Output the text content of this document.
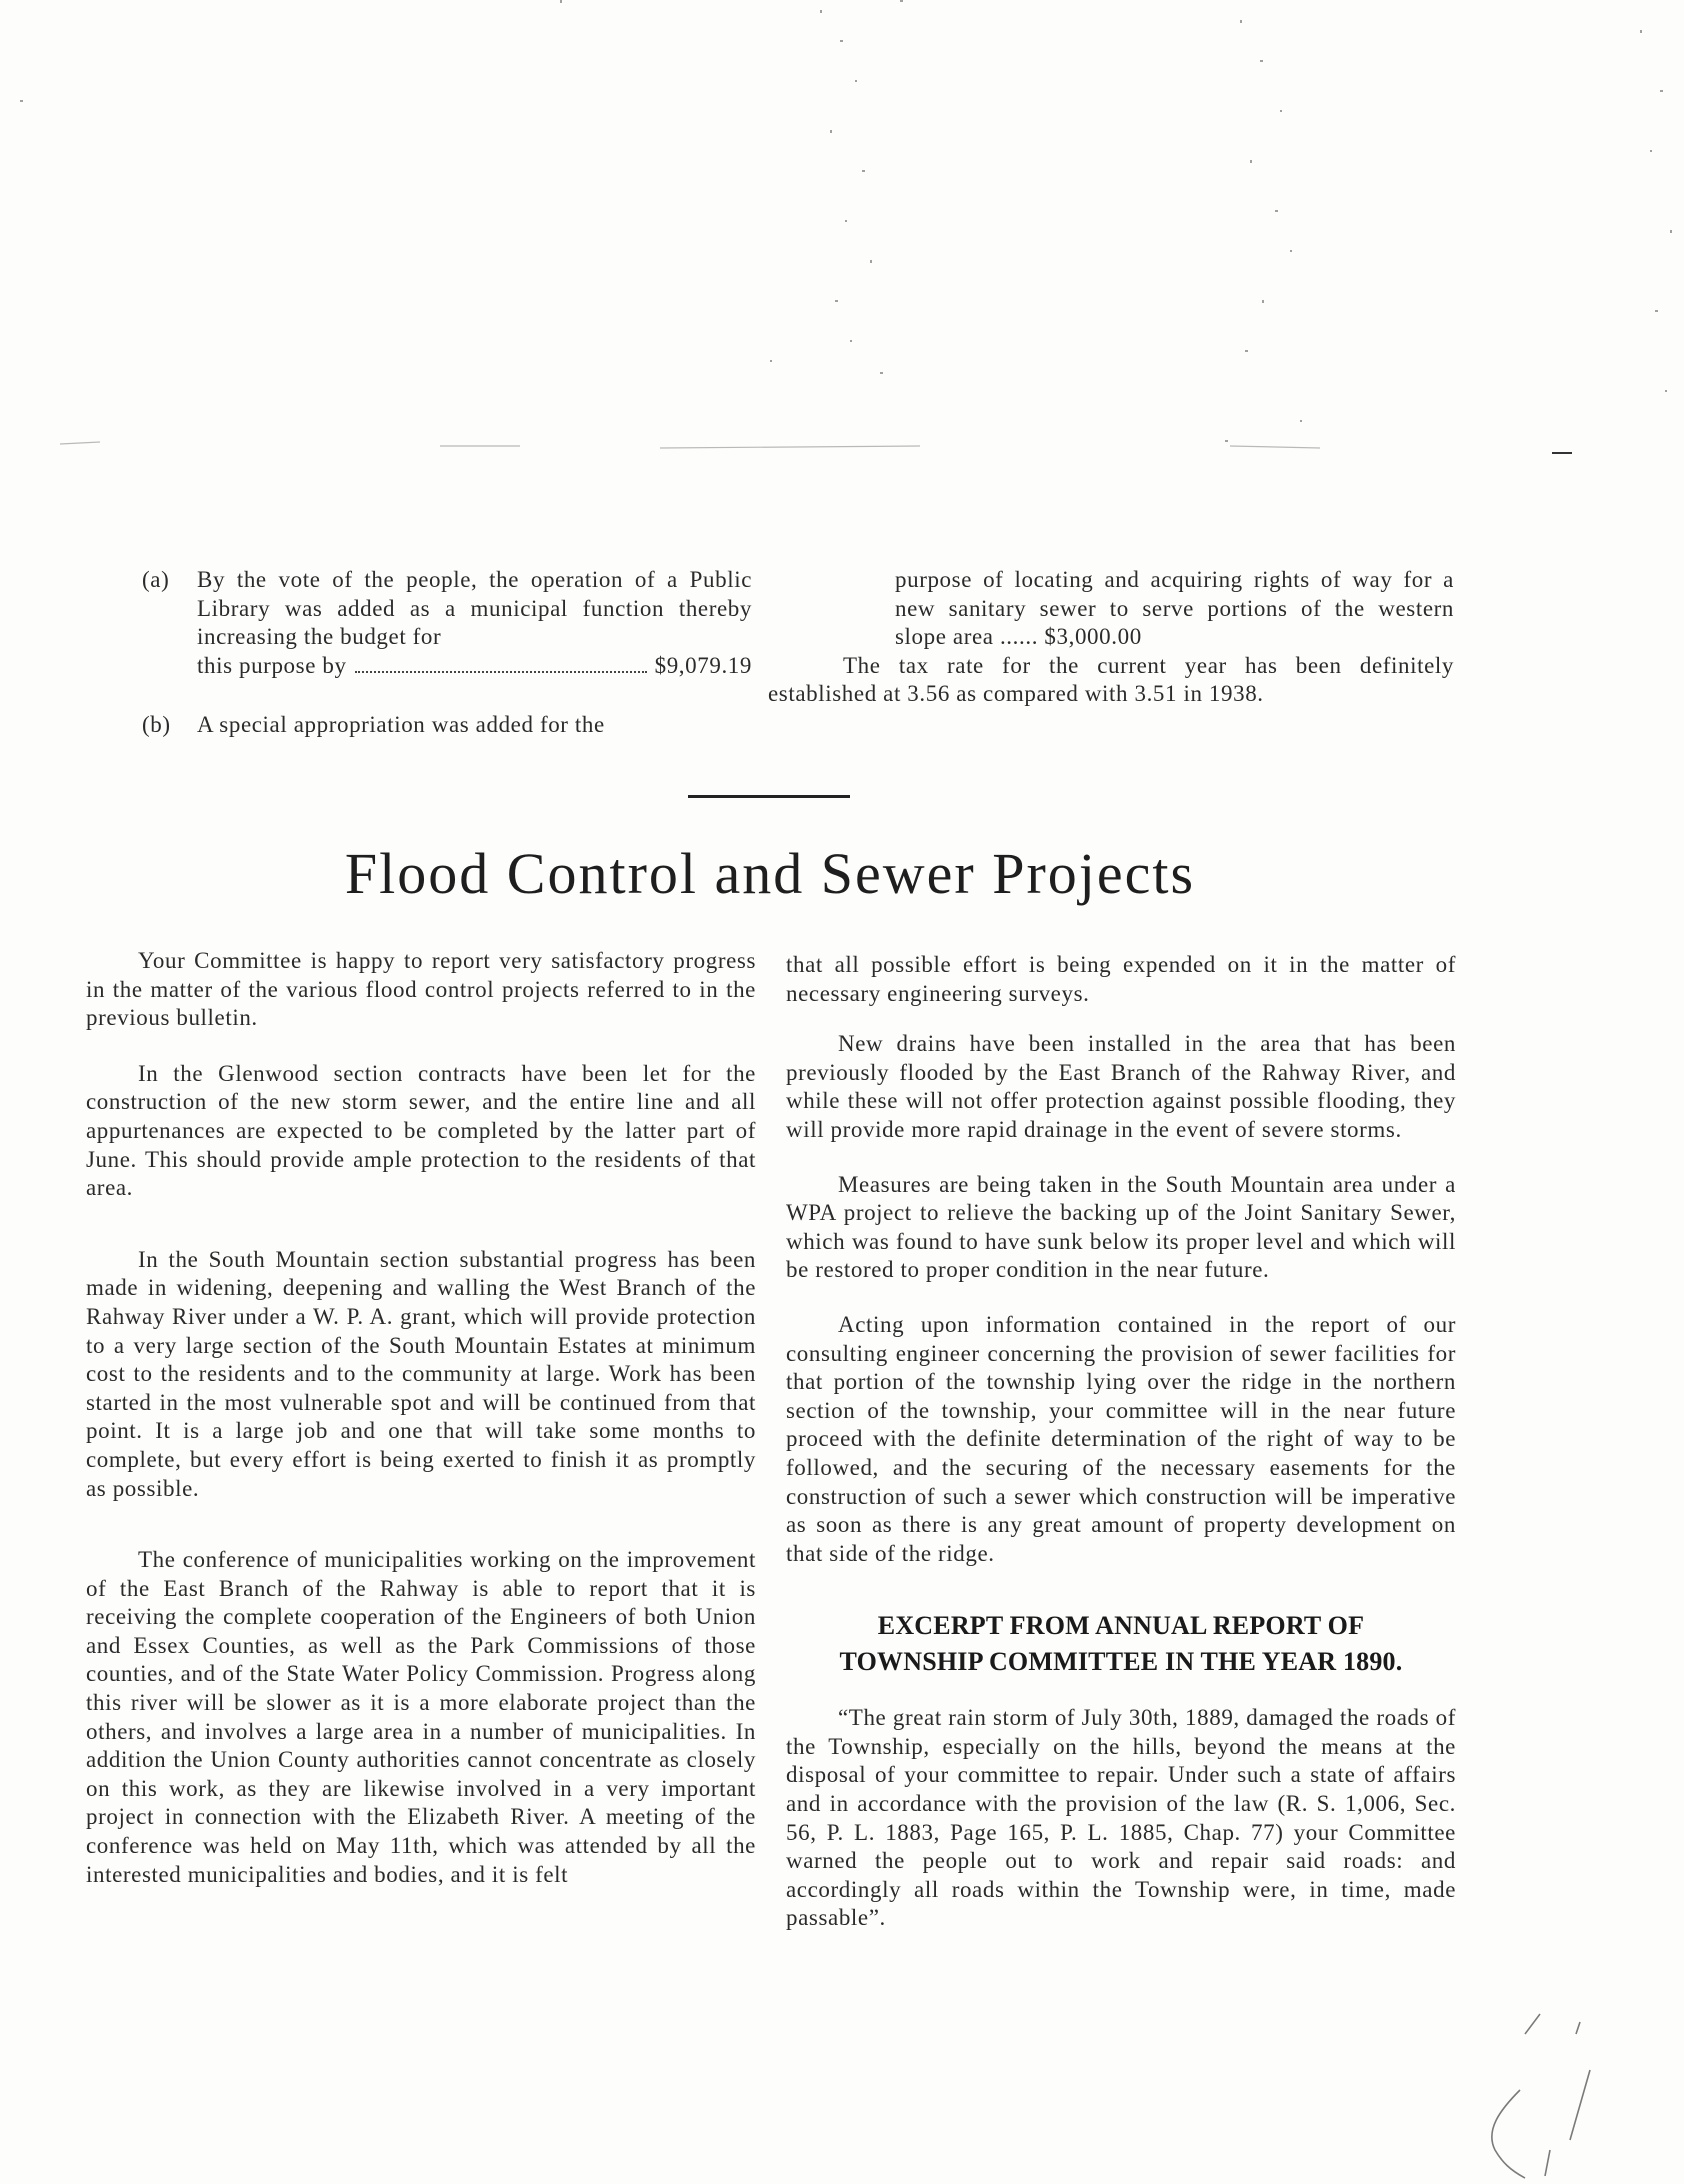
(a) By the vote of the people, the operation of a Public Library was added as a municipal function thereby increasing the budget for
this purpose by	$9,079.19
(b) A special appropriation was added for the
purpose of locating and acquiring rights of way for a new sanitary sewer to serve portions of the western slope area ...... $3,000.00

The tax rate for the current year has been definitely established at 3.56 as compared with 3.51 in 1938.

Flood Control and Sewer Projects

Your Committee is happy to report very satisfactory progress in the matter of the various flood control projects referred to in the previous bulletin.

In the Glenwood section contracts have been let for the construction of the new storm sewer, and the entire line and all appurtenances are expected to be completed by the latter part of June. This should provide ample protection to the residents of that area.

In the South Mountain section substantial progress has been made in widening, deepening and walling the West Branch of the Rahway River under a W. P. A. grant, which will provide protection to a very large section of the South Mountain Estates at minimum cost to the residents and to the community at large. Work has been started in the most vulnerable spot and will be continued from that point. It is a large job and one that will take some months to complete, but every effort is being exerted to finish it as promptly as possible.

The conference of municipalities working on the improvement of the East Branch of the Rahway is able to report that it is receiving the complete cooperation of the Engineers of both Union and Essex Counties, as well as the Park Commissions of those counties, and of the State Water Policy Commission. Progress along this river will be slower as it is a more elaborate project than the others, and involves a large area in a number of municipalities. In addition the Union County authorities cannot concentrate as closely on this work, as they are likewise involved in a very important project in connection with the Elizabeth River. A meeting of the conference was held on May 11th, which was attended by all the interested municipalities and bodies, and it is felt

that all possible effort is being expended on it in the matter of necessary engineering surveys.

New drains have been installed in the area that has been previously flooded by the East Branch of the Rahway River, and while these will not offer protection against possible flooding, they will provide more rapid drainage in the event of severe storms.

Measures are being taken in the South Mountain area under a WPA project to relieve the backing up of the Joint Sanitary Sewer, which was found to have sunk below its proper level and which will be restored to proper condition in the near future.

Acting upon information contained in the report of our consulting engineer concerning the provision of sewer facilities for that portion of the township lying over the ridge in the northern section of the township, your committee will in the near future proceed with the definite determination of the right of way to be followed, and the securing of the necessary easements for the construction of such a sewer which construction will be imperative as soon as there is any great amount of property development on that side of the ridge.

EXCERPT FROM ANNUAL REPORT OF
TOWNSHIP COMMITTEE IN THE YEAR 1890.

“The great rain storm of July 30th, 1889, damaged the roads of the Township, especially on the hills, beyond the means at the disposal of your committee to repair. Under such a state of affairs and in accordance with the provision of the law (R. S. 1,006, Sec. 56, P. L. 1883, Page 165, P. L. 1885, Chap. 77) your Committee warned the people out to work and repair said roads: and accordingly all roads within the Township were, in time, made passable”.
